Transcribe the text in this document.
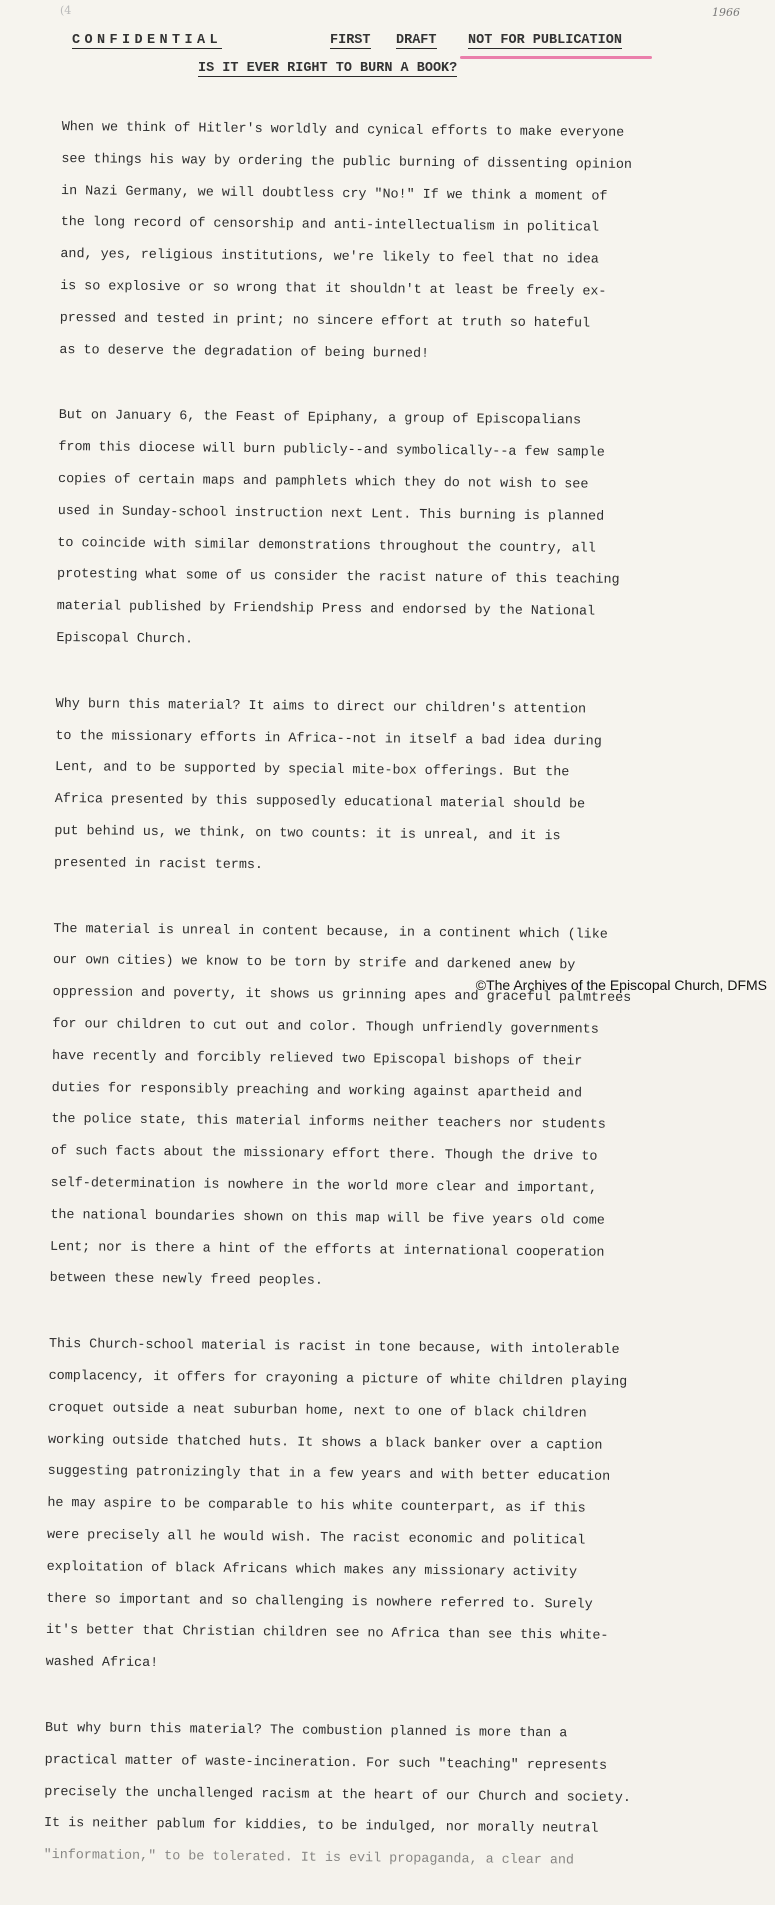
(4	1966
CONFIDENTIAL	FIRST DRAFT NOT FOR PUBLICATION
IS IT EVER RIGHT TO BURN A BOOK?

When we think of Hitler's worldly and cynical efforts to make everyone

see things his way by ordering the public burning of dissenting opinion

in Nazi Germany, we will doubtless cry "No!" If we think a moment of

the long record of censorship and anti-intellectualism in political

and, yes, religious institutions, we're likely to feel that no idea

is so explosive or so wrong that it shouldn't at least be freely ex-

pressed and tested in print; no sincere effort at truth so hateful

as to deserve the degradation of being burned!

But on January 6, the Feast of Epiphany, a group of Episcopalians

from this diocese will burn publicly--and symbolically--a few sample

copies of certain maps and pamphlets which they do not wish to see

used in Sunday-school instruction next Lent. This burning is planned

to coincide with similar demonstrations throughout the country, all

protesting what some of us consider the racist nature of this teaching

material published by Friendship Press and endorsed by the National

Episcopal Church.

Why burn this material? It aims to direct our children's attention

to the missionary efforts in Africa--not in itself a bad idea during

Lent, and to be supported by special mite-box offerings. But the

Africa presented by this supposedly educational material should be

put behind us, we think, on two counts: it is unreal, and it is

presented in racist terms.

The material is unreal in content because, in a continent which (like

our own cities) we know to be torn by strife and darkened anew by

oppression and poverty, it shows us grinning apes and graceful palmtrees

for our children to cut out and color. Though unfriendly governments

have recently and forcibly relieved two Episcopal bishops of their

duties for responsibly preaching and working against apartheid and

the police state, this material informs neither teachers nor students

of such facts about the missionary effort there. Though the drive to

self-determination is nowhere in the world more clear and important,

the national boundaries shown on this map will be five years old come

Lent; nor is there a hint of the efforts at international cooperation

between these newly freed peoples.

This Church-school material is racist in tone because, with intolerable

complacency, it offers for crayoning a picture of white children playing

croquet outside a neat suburban home, next to one of black children

working outside thatched huts. It shows a black banker over a caption

suggesting patronizingly that in a few years and with better education

he may aspire to be comparable to his white counterpart, as if this

were precisely all he would wish. The racist economic and political

exploitation of black Africans which makes any missionary activity

there so important and so challenging is nowhere referred to. Surely

it's better that Christian children see no Africa than see this white-

washed Africa!

But why burn this material? The combustion planned is more than a

practical matter of waste-incineration. For such "teaching" represents

precisely the unchallenged racism at the heart of our Church and society.

It is neither pablum for kiddies, to be indulged, nor morally neutral

"information," to be tolerated. It is evil propaganda, a clear and

©The Archives of the Episcopal Church, DFMS
